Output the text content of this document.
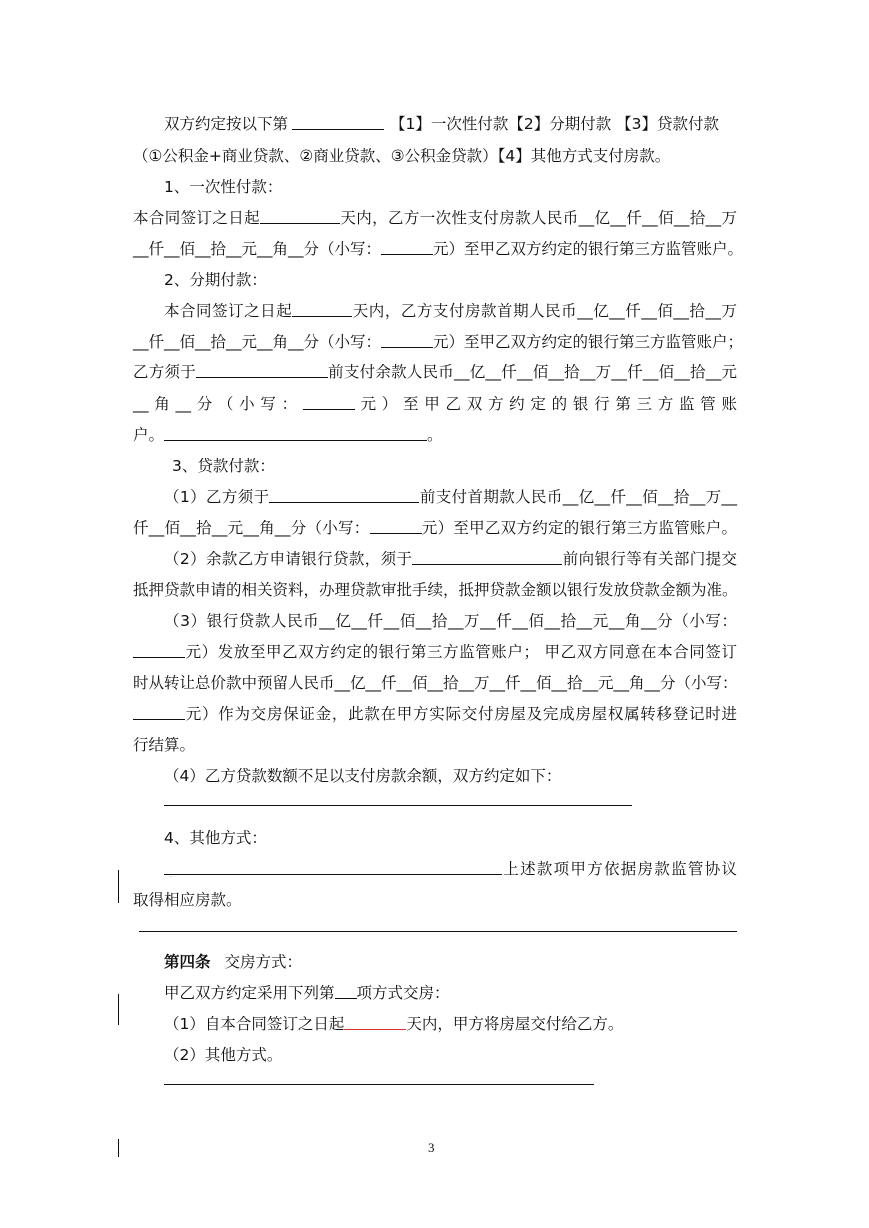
双方约定按以下第	【1】一次性付款【2】分期付款 【3】贷款付款
（①公积金+商业贷款、②商业贷款、③公积金贷款）【4】其他方式支付房款。
1、一次性付款：
本合同签订之日起	天内，乙方一次性支付房款人民币__亿__仟__佰__拾__万
__仟__佰__拾__元__角__分（小写：	元）至甲乙双方约定的银行第三方监管账户。
2、分期付款：
本合同签订之日起	天内，乙方支付房款首期人民币__亿__仟__佰__拾__万
__仟__佰__拾__元__角__分（小写：	元）至甲乙双方约定的银行第三方监管账户；
乙方须于	前支付余款人民币__亿__仟__佰__拾__万__仟__佰__拾__元
__角__分（小写：	元）至甲乙双方约定的银行第三方监管账
户。	。
3、贷款付款：
（1）乙方须于	前支付首期款人民币__亿__仟__佰__拾__万__
仟__佰__拾__元__角__分（小写：	元）至甲乙双方约定的银行第三方监管账户。
（2）余款乙方申请银行贷款，须于	前向银行等有关部门提交
抵押贷款申请的相关资料，办理贷款审批手续，抵押贷款金额以银行发放贷款金额为准。
（3）银行贷款人民币__亿__仟__佰__拾__万__仟__佰__拾__元__角__分（小写：
元）发放至甲乙双方约定的银行第三方监管账户； 甲乙双方同意在本合同签订
时从转让总价款中预留人民币__亿__仟__佰__拾__万__仟__佰__拾__元__角__分（小写：
元）作为交房保证金，此款在甲方实际交付房屋及完成房屋权属转移登记时进
行结算。
（4）乙方贷款数额不足以支付房款余额，双方约定如下：
4、其他方式：
上述款项甲方依据房款监管协议
.
取得相应房款。
第四条 交房方式：
甲乙双方约定采用下列第 项方式交房：
（1）自本合同签订之日起	天内，甲方将房屋交付给乙方。
（2）其他方式。
3
